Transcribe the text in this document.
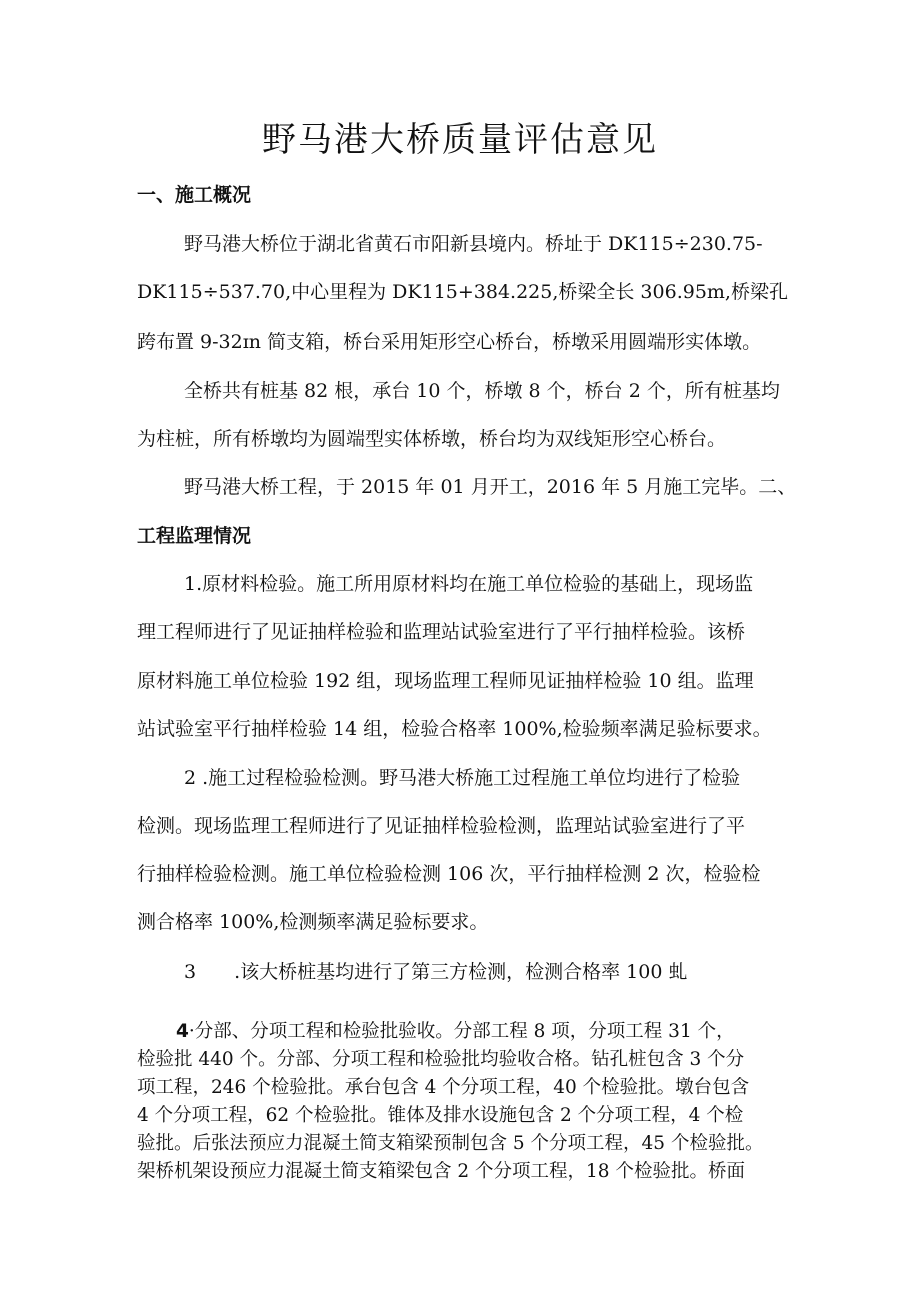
野马港大桥质量评估意见
一、施工概况

野马港大桥位于湖北省黄石市阳新县境内。桥址于 DK115÷230.75-

DK115÷537.70,中心里程为 DK115+384.225,桥梁全长 306.95m,桥梁孔

跨布置 9-32ɪn 简支箱，桥台采用矩形空心桥台，桥墩采用圆端形实体墩。

全桥共有桩基 82 根，承台 10 个，桥墩 8 个，桥台 2 个，所有桩基均

为柱桩，所有桥墩均为圆端型实体桥墩，桥台均为双线矩形空心桥台。

野马港大桥工程，于 2015 年 01 月开工，2016 年 5 月施工完毕。二、

工程监理情况

1.原材料检验。施工所用原材料均在施工单位检验的基础上，现场监

理工程师进行了见证抽样检验和监理站试验室进行了平行抽样检验。该桥

原材料施工单位检验 192 组，现场监理工程师见证抽样检验 10 组。监理

站试验室平行抽样检验 14 组，检验合格率 100%,检验频率满足验标要求。

2 .施工过程检验检测。野马港大桥施工过程施工单位均进行了检验

检测。现场监理工程师进行了见证抽样检验检测，监理站试验室进行了平

行抽样检验检测。施工单位检验检测 106 次，平行抽样检测 2 次，检验检

测合格率 100%,检测频率满足验标要求。

3　　.该大桥桩基均进行了第三方检测，检测合格率 100 虬

4·分部、分项工程和检验批验收。分部工程 8 项，分项工程 31 个，

检验批 440 个。分部、分项工程和检验批均验收合格。钻孔桩包含 3 个分

项工程，246 个检验批。承台包含 4 个分项工程，40 个检验批。墩台包含

4 个分项工程，62 个检验批。锥体及排水设施包含 2 个分项工程，4 个检

验批。后张法预应力混凝土简支箱梁预制包含 5 个分项工程，45 个检验批。

架桥机架设预应力混凝土简支箱梁包含 2 个分项工程，18 个检验批。桥面
